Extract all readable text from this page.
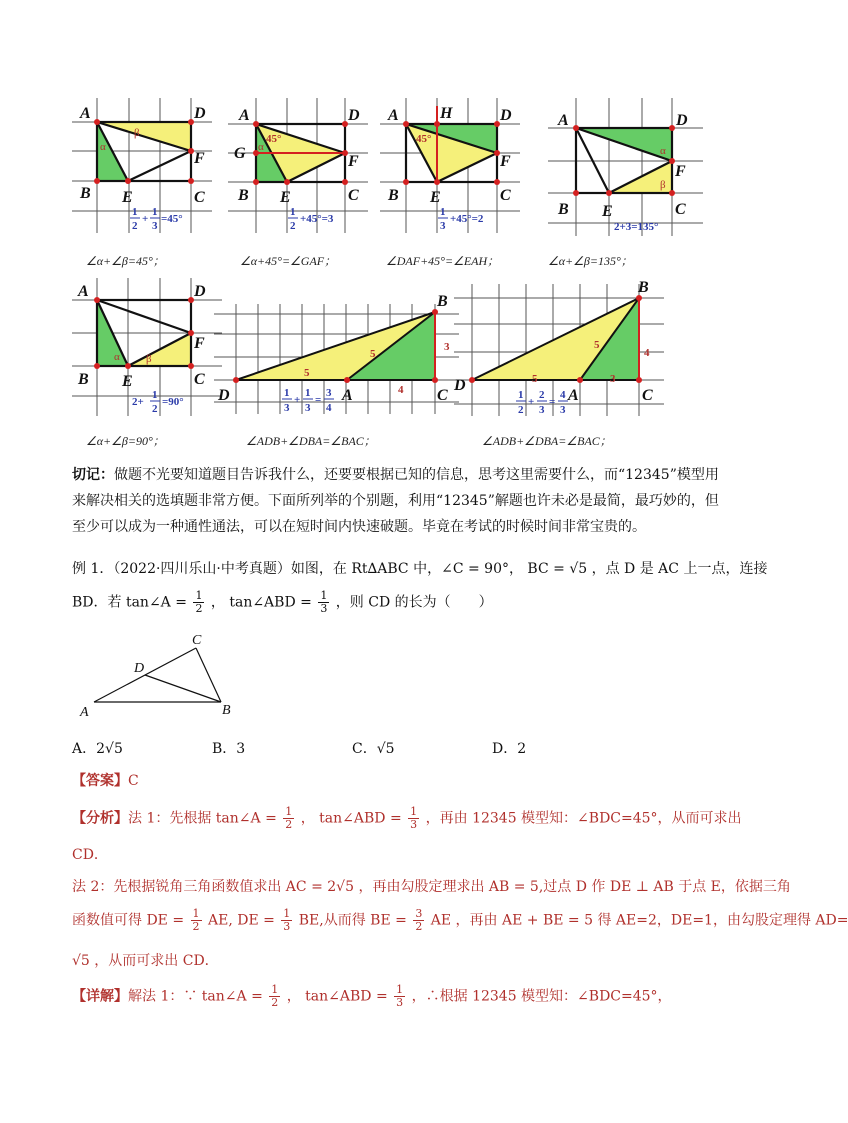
A	D
B E	C
F
β
α
1
2
+
1
3
=45°
∠α+∠β=45°；
A	D
G
B E	C
F
45°
α
1
2
+45°=3
∠α+45°=∠GAF；
A	H	D
B E	C
F
45°
1
3
+45°=2
∠DAF+45°=∠EAH；
A	D
F
B E	C
α
β
2+3=135°
∠α+∠β=135°；
A	D
F
B E	C
α β
2+
1
2
=90°
∠α+∠β=90°；
B
D	A	C
5
5
3
4
1
3
+
1
3
=
3
4
∠ADB+∠DBA=∠BAC；
B
D
A	C
5
5
4
3
1
2
+
2
3
=
4
3
∠ADB+∠DBA=∠BAC；
切记：做题不光要知道题目告诉我什么，还要要根据已知的信息，思考这里需要什么，而“12345”模型用来解决相关的选填题非常方便。下面所列举的个别题，利用“12345”解题也许未必是最简，最巧妙的，但至少可以成为一种通性通法，可以在短时间内快速破题。毕竟在考试的时候时间非常宝贵的。
例 1．（2022·四川乐山·中考真题）如图，在 Rt∆ABC 中，∠C = 90°， BC = √5 ，点 D 是 AC 上一点，连接
BD．若 tan∠A = $\frac{1}{2}$ ， tan∠ABD = $\frac{1}{3}$ ，则 CD 的长为（　　）
C
D
A	B
A．2√5	B．3	C．√5	D．2
【答案】C
【分析】法 1：先根据 tan∠A = $\frac{1}{2}$ ， tan∠ABD = $\frac{1}{3}$ ，再由 12345 模型知：∠BDC=45°，从而可求出
CD．
法 2：先根据锐角三角函数值求出 AC = 2√5 ，再由勾股定理求出 AB = 5,过点 D 作 DE ⊥ AB 于点 E，依据三角
函数值可得 DE = $\frac{1}{2}$ AE, DE = $\frac{1}{3}$ BE,从而得 BE = $\frac{3}{2}$ AE ，再由 AE + BE = 5 得 AE=2，DE=1，由勾股定理得 AD=
√5 ，从而可求出 CD．
【详解】解法 1：∵ tan∠A = $\frac{1}{2}$ ， tan∠ABD = $\frac{1}{3}$ ，∴根据 12345 模型知：∠BDC=45°，
